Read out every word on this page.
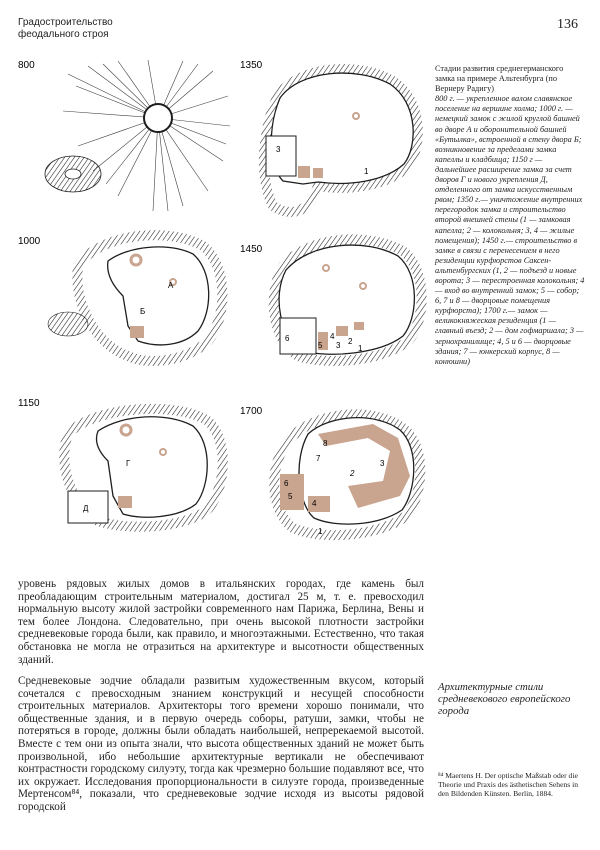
Градостроительство
феодального строя
136
800	1350
3
1
1000
А
Б
1450
6
5
4
3 2
1
1150
Г
Д
1700
8
7
2
3
6
5
4
1
Стадии развития среднегерманского замка на примере Альтенбурга (по Вернеру Радигу)
800 г. — укрепленное валом славянское поселение на вершине холма; 1000 г. — немецкий замок с жилой круглой башней во дворе А и оборонительной башней «Бутылка», встроенной в стену двора Б; возникновение за пределами замка капеллы и кладбища; 1150 г — дальнейшее расширение замка за счет дворов Г и нового укрепления Д, отделенного от замка искусственным рвом; 1350 г.— уничтожение внутренних перегородок замка и строительство второй внешней стены (1 — замковая капелла; 2 — колокольня; 3, 4 — жилые помещения); 1450 г.— строительство в замке в связи с перенесением в него резиденции курфюрстов Саксен-альтенбургских (1, 2 — подъезд и новые ворота; 3 — перестроенная колокольня; 4 — вход во внутренний замок; 5 — собор; 6, 7 и 8 — дворцовые помещения курфюрста); 1700 г.— замок — великокняжеская резиденция (1 — главный въезд; 2 — дом гофмаршала; 3 — зернохранилище; 4, 5 и 6 — дворцовые здания; 7 — юнкерский корпус, 8 — конюшни)
уровень рядовых жилых домов в итальянских городах, где камень был преобладающим строительным материалом, достигал 25 м, т. е. превосходил нормальную высоту жилой застройки современного нам Парижа, Берлина, Вены и тем более Лондона. Следовательно, при очень высокой плотности застройки средневековые города были, как правило, и многоэтажными. Естественно, что такая обстановка не могла не отразиться на архитектуре и высотности общественных зданий.
Средневековые зодчие обладали развитым художественным вкусом, который сочетался с превосходным знанием конструкций и несущей способности строительных материалов. Архитекторы того времени хорошо понимали, что общественные здания, и в первую очередь соборы, ратуши, замки, чтобы не потеряться в городе, должны были обладать наибольшей, непререкаемой высотой. Вместе с тем они из опыта знали, что высота общественных зданий не может быть произвольной, ибо небольшие архитектурные вертикали не обеспечивают контрастности городскому силуэту, тогда как чрезмерно большие подавляют все, что их окружает. Исследования пропорциональности в силуэте города, произведенные Мертенсом⁸⁴, показали, что средневековые зодчие исходя из высоты рядовой городской
Архитектурные стили средневекового европейского города
⁸⁴ Maertens H. Der optische Maßstab oder die Theorie und Praxis des ästhetischen Sehens in den Bildenden Künsten. Berlin, 1884.
